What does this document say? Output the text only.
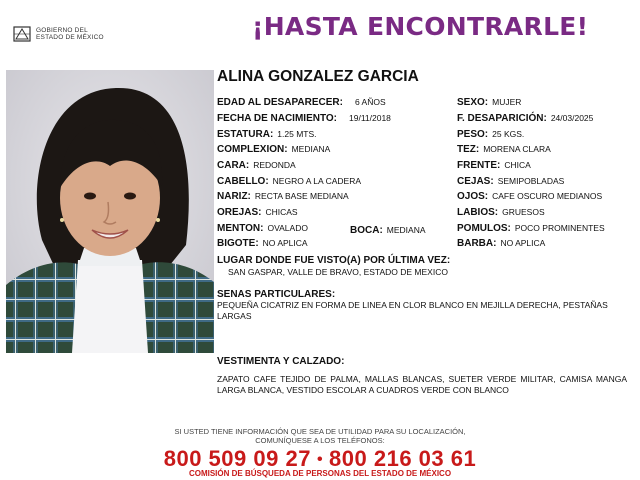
GOBIERNO DEL
ESTADO DE MÉXICO	¡HASTA ENCONTRARLE!
ALINA GONZALEZ GARCIA
EDAD AL DESAPARECER: 6 AÑOS
FECHA DE NACIMIENTO: 19/11/2018
ESTATURA: 1.25 MTS.
COMPLEXION: MEDIANA
CARA: REDONDA
CABELLO: NEGRO A LA CADERA
NARIZ: RECTA BASE MEDIANA
OREJAS: CHICAS
MENTON: OVALADO
BIGOTE: NO APLICA
BOCA: MEDIANA
SEXO: MUJER
F. DESAPARICIÓN: 24/03/2025
PESO: 25 KGS.
TEZ: MORENA CLARA
FRENTE: CHICA
CEJAS: SEMIPOBLADAS
OJOS: CAFE OSCURO MEDIANOS
LABIOS: GRUESOS
POMULOS: POCO PROMINENTES
BARBA: NO APLICA
LUGAR DONDE FUE VISTO(A) POR ÚLTIMA VEZ:
SAN GASPAR, VALLE DE BRAVO, ESTADO DE MEXICO
SENAS PARTICULARES:
PEQUEÑA CICATRIZ EN FORMA DE LINEA EN CLOR BLANCO EN MEJILLA DERECHA, PESTAÑAS LARGAS
VESTIMENTA Y CALZADO:
ZAPATO CAFE TEJIDO DE PALMA, MALLAS BLANCAS, SUETER VERDE MILITAR, CAMISA MANGA LARGA BLANCA, VESTIDO ESCOLAR A CUADROS VERDE CON BLANCO
SI USTED TIENE INFORMACIÓN QUE SEA DE UTILIDAD PARA SU LOCALIZACIÓN,
COMUNÍQUESE A LOS TELÉFONOS:
800 509 09 27 • 800 216 03 61
COMISIÓN DE BÚSQUEDA DE PERSONAS DEL ESTADO DE MÉXICO
